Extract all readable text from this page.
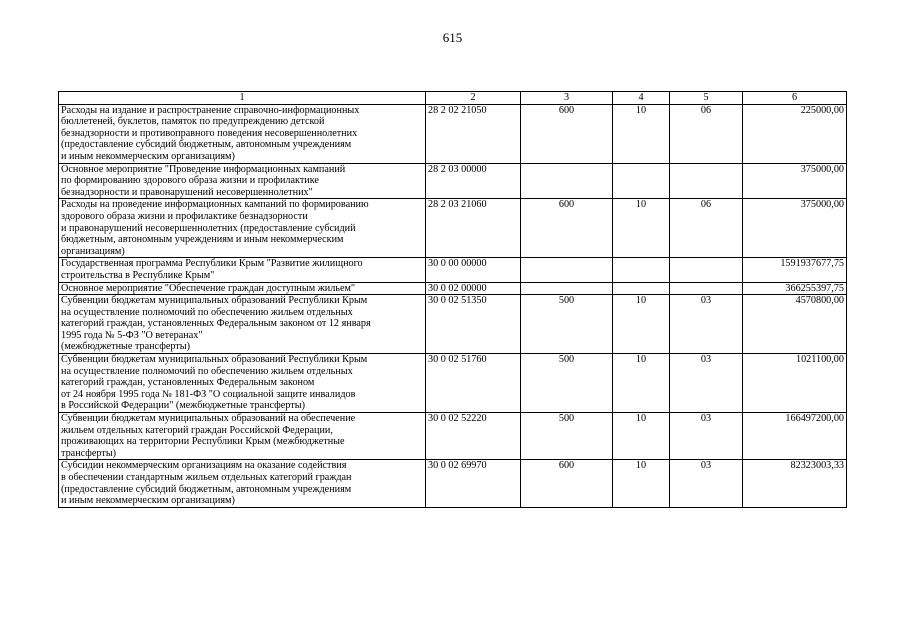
615
1	2	3	4	5	6
Расходы на издание и распространение справочно-информационных
бюллетеней, буклетов, памяток по предупреждению детской
безнадзорности и противоправного поведения несовершеннолетних
(предоставление субсидий бюджетным, автономным учреждениям
и иным некоммерческим организациям)	28 2 02 21050	600	10	06	225000,00
Основное мероприятие "Проведение информационных кампаний
по формированию здорового образа жизни и профилактике
безнадзорности и правонарушений несовершеннолетних"	28 2 03 00000				375000,00
Расходы на проведение информационных кампаний по формированию
здорового образа жизни и профилактике безнадзорности
и правонарушений несовершеннолетних (предоставление субсидий
бюджетным, автономным учреждениям и иным некоммерческим
организациям)	28 2 03 21060	600	10	06	375000,00
Государственная программа Республики Крым "Развитие жилищного
строительства в Республике Крым"	30 0 00 00000				1591937677,75
Основное мероприятие "Обеспечение граждан доступным жильем"	30 0 02 00000				366255397,75
Субвенции бюджетам муниципальных образований Республики Крым
на осуществление полномочий по обеспечению жильем отдельных
категорий граждан, установленных Федеральным законом от 12 января
1995 года № 5-ФЗ "О ветеранах"
(межбюджетные трансферты)	30 0 02 51350	500	10	03	4570800,00
Субвенции бюджетам муниципальных образований Республики Крым
на осуществление полномочий по обеспечению жильем отдельных
категорий граждан, установленных Федеральным законом
от 24 ноября 1995 года № 181-ФЗ "О социальной защите инвалидов
в Российской Федерации" (межбюджетные трансферты)	30 0 02 51760	500	10	03	1021100,00
Субвенции бюджетам муниципальных образований на обеспечение
жильем отдельных категорий граждан Российской Федерации,
проживающих на территории Республики Крым (межбюджетные
трансферты)	30 0 02 52220	500	10	03	166497200,00
Субсидии некоммерческим организациям на оказание содействия
в обеспечении стандартным жильем отдельных категорий граждан
(предоставление субсидий бюджетным, автономным учреждениям
и иным некоммерческим организациям)	30 0 02 69970	600	10	03	82323003,33
